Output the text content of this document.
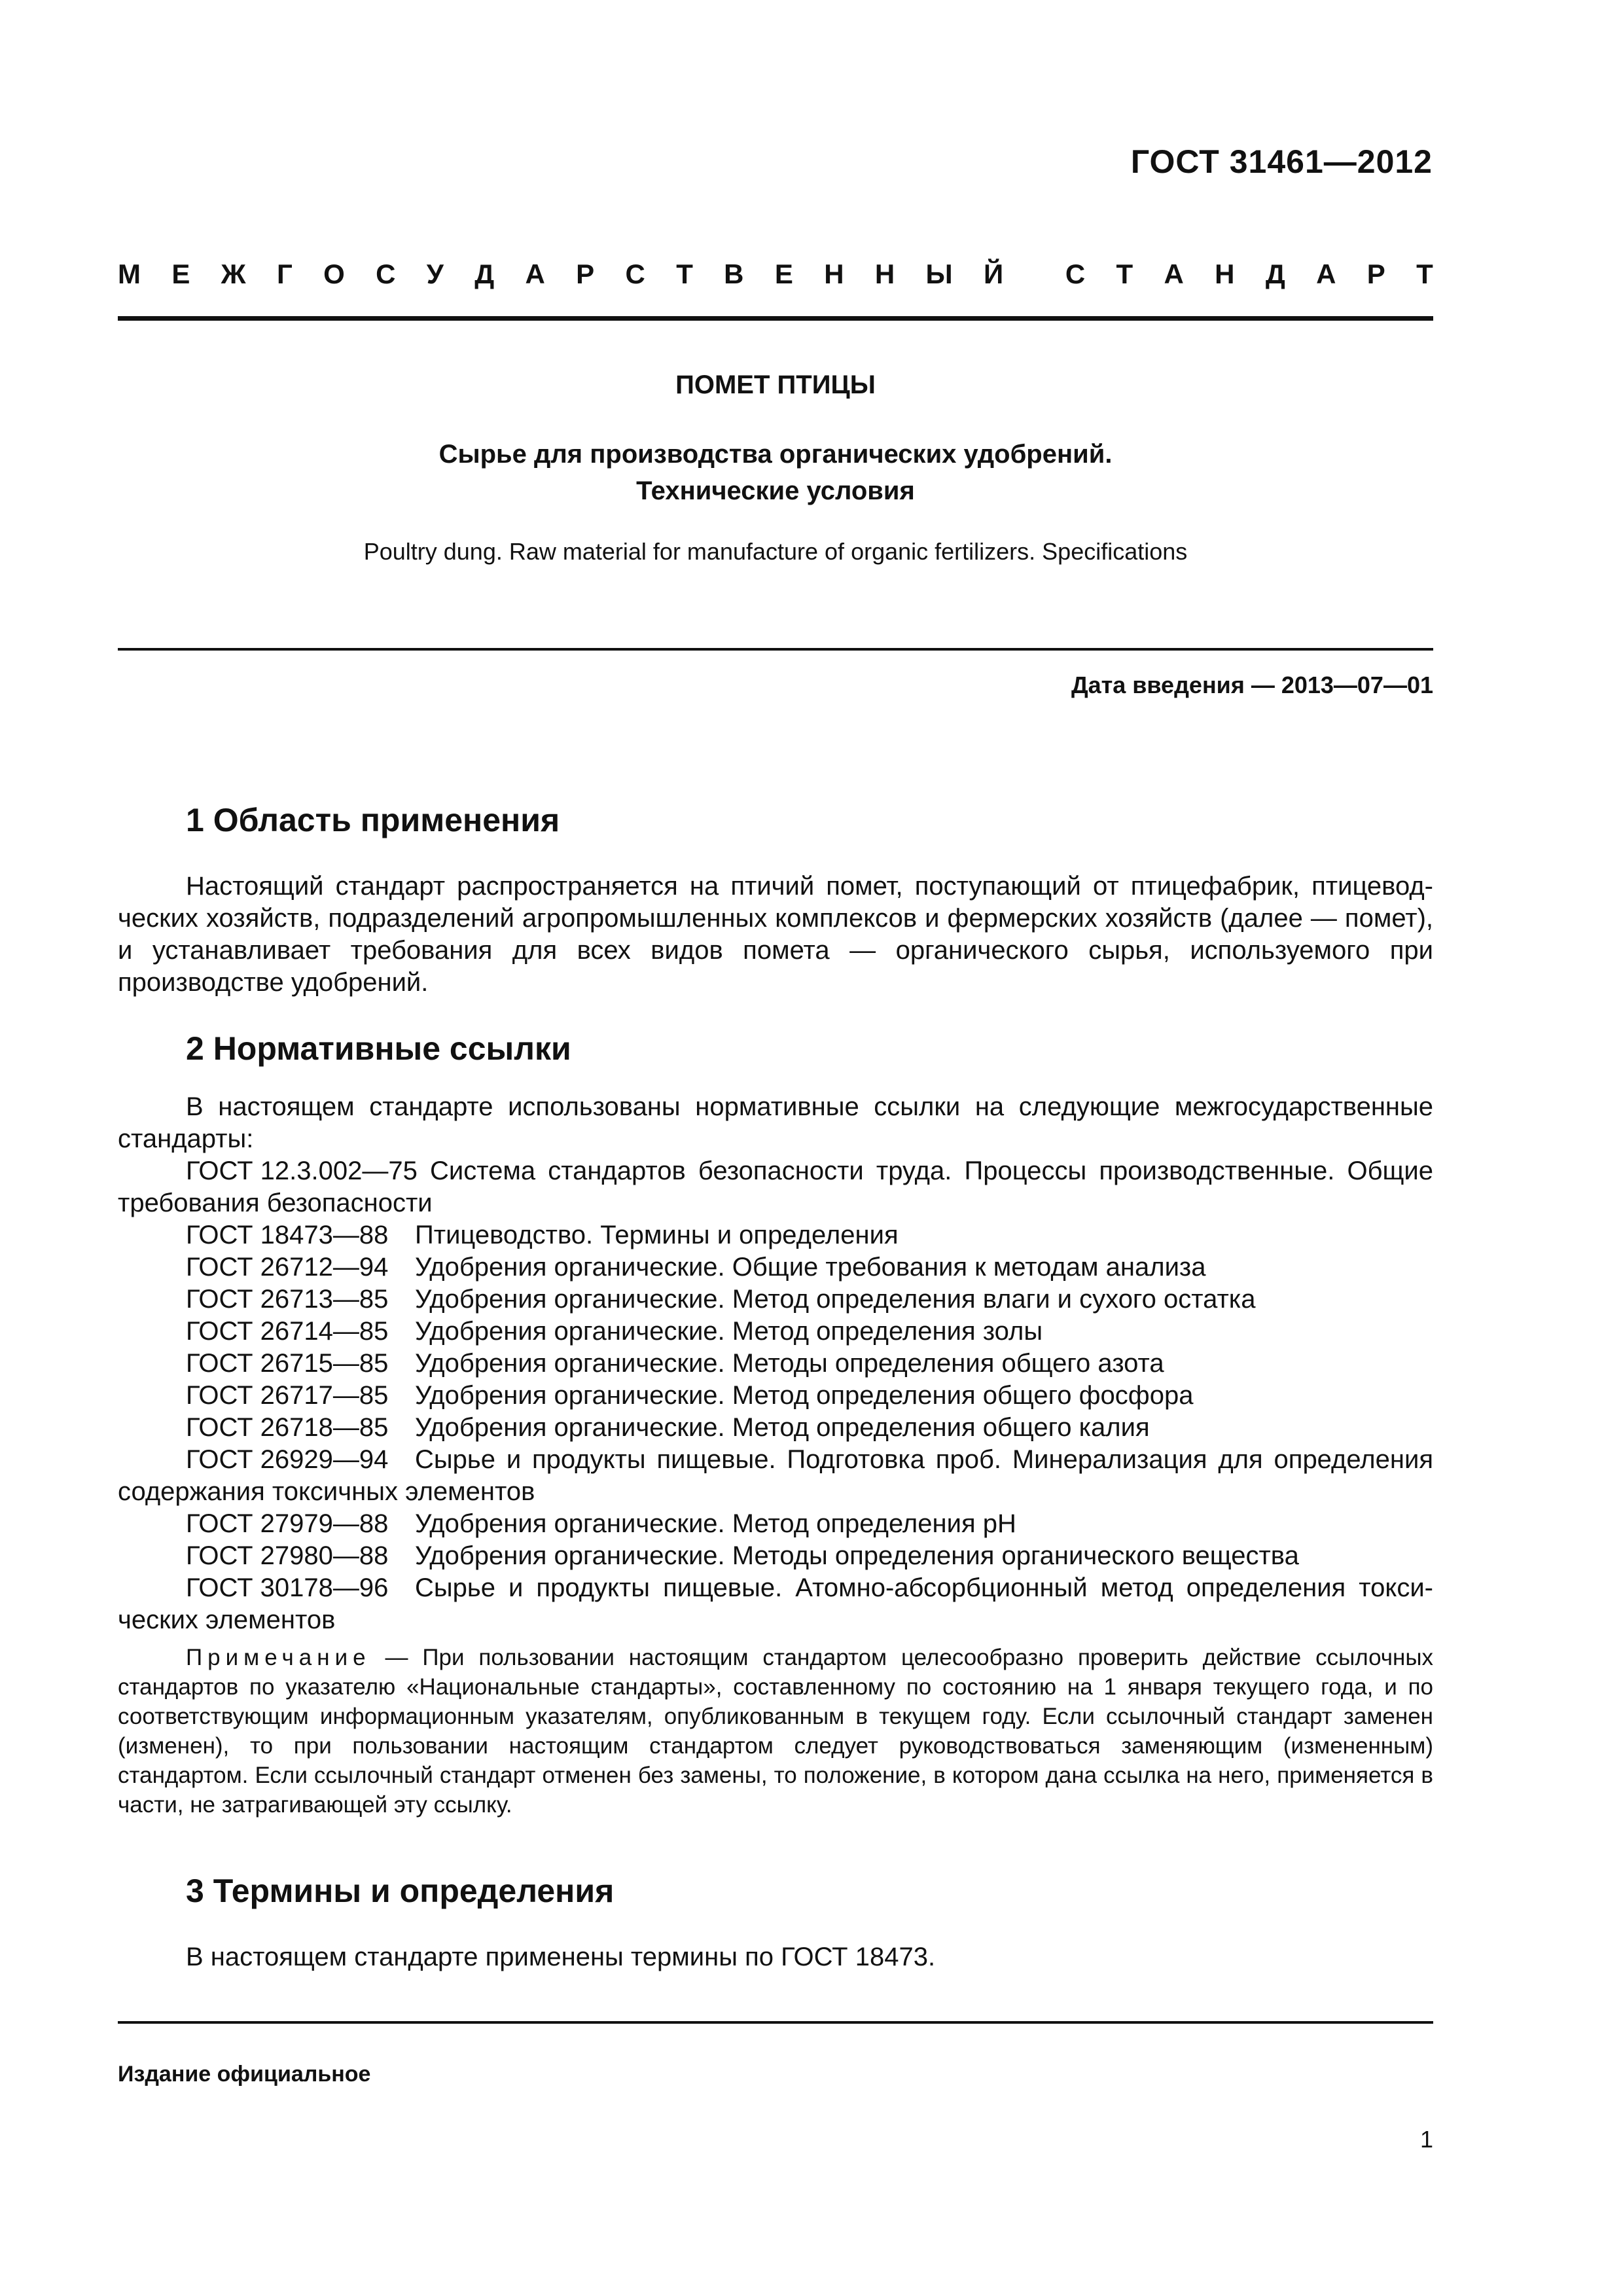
ГОСТ 31461—2012
М Е Ж Г О С У Д А Р С Т В Е Н Н Ы Й С Т А Н Д А Р Т
ПОМЕТ ПТИЦЫ
Сырье для производства органических удобрений.
Технические условия
Poultry dung. Raw material for manufacture of organic fertilizers. Specifications
Дата введения — 2013—07—01
1 Область применения
Настоящий стандарт распространяется на птичий помет, поступающий от птицефабрик, птицеводческих хозяйств, подразделений агропромышленных комплексов и фермерских хозяйств (далее — помет), и устанавливает требования для всех видов помета — органического сырья, используемого при производстве удобрений.
2 Нормативные ссылки
В настоящем стандарте использованы нормативные ссылки на следующие межгосударственные стандарты:
ГОСТ 12.3.002—75 Система стандартов безопасности труда. Процессы производственные. Общие требования безопасности
ГОСТ 18473—88 Птицеводство. Термины и определения
ГОСТ 26712—94 Удобрения органические. Общие требования к методам анализа
ГОСТ 26713—85 Удобрения органические. Метод определения влаги и сухого остатка
ГОСТ 26714—85 Удобрения органические. Метод определения золы
ГОСТ 26715—85 Удобрения органические. Методы определения общего азота
ГОСТ 26717—85 Удобрения органические. Метод определения общего фосфора
ГОСТ 26718—85 Удобрения органические. Метод определения общего калия
ГОСТ 26929—94 Сырье и продукты пищевые. Подготовка проб. Минерализация для определения содержания токсичных элементов
ГОСТ 27979—88 Удобрения органические. Метод определения pH
ГОСТ 27980—88 Удобрения органические. Методы определения органического вещества
ГОСТ 30178—96 Сырье и продукты пищевые. Атомно-абсорбционный метод определения токсических элементов
Примечание — При пользовании настоящим стандартом целесообразно проверить действие ссылочных стандартов по указателю «Национальные стандарты», составленному по состоянию на 1 января текущего года, и по соответствующим информационным указателям, опубликованным в текущем году. Если ссылочный стандарт заменен (изменен), то при пользовании настоящим стандартом следует руководствоваться заменяющим (измененным) стандартом. Если ссылочный стандарт отменен без замены, то положение, в котором дана ссылка на него, применяется в части, не затрагивающей эту ссылку.
3 Термины и определения
В настоящем стандарте применены термины по ГОСТ 18473.
Издание официальное
1
